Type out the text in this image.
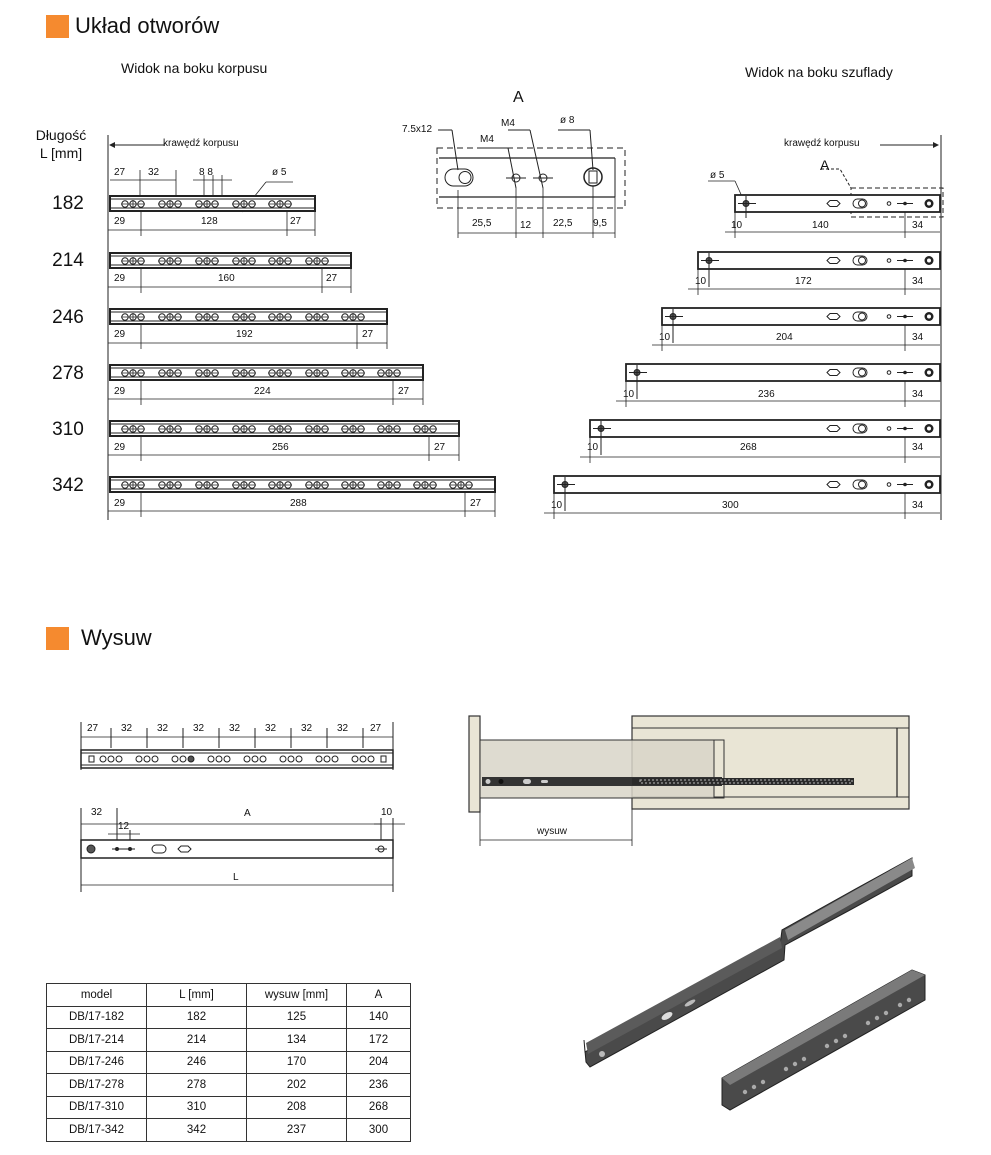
Układ otworów
Widok na boku korpusu	Widok na boku szuflady
Długość
L [mm]
182
214
246
278
310
342
krawędź korpusu
27 32	8 8	ø 5
29	128	27
29	160	27
29	192	27
29	224	27
29	256	27
29	288	27
A
7.5x12
M4
M4	ø 8
25,5	12 22,5 9,5
krawędź korpusu
A
ø 5
10	140	34
10	172	34
10	204	34
10	236	34
10	268	34
10	300	34
Wysuw
27 32 32 32 32 32 32 32 27
32
12
A	10
L
wysuw
model	L [mm]	wysuw [mm]	A
DB/17-182	182	125	140
DB/17-214	214	134	172
DB/17-246	246	170	204
DB/17-278	278	202	236
DB/17-310	310	208	268
DB/17-342	342	237	300
